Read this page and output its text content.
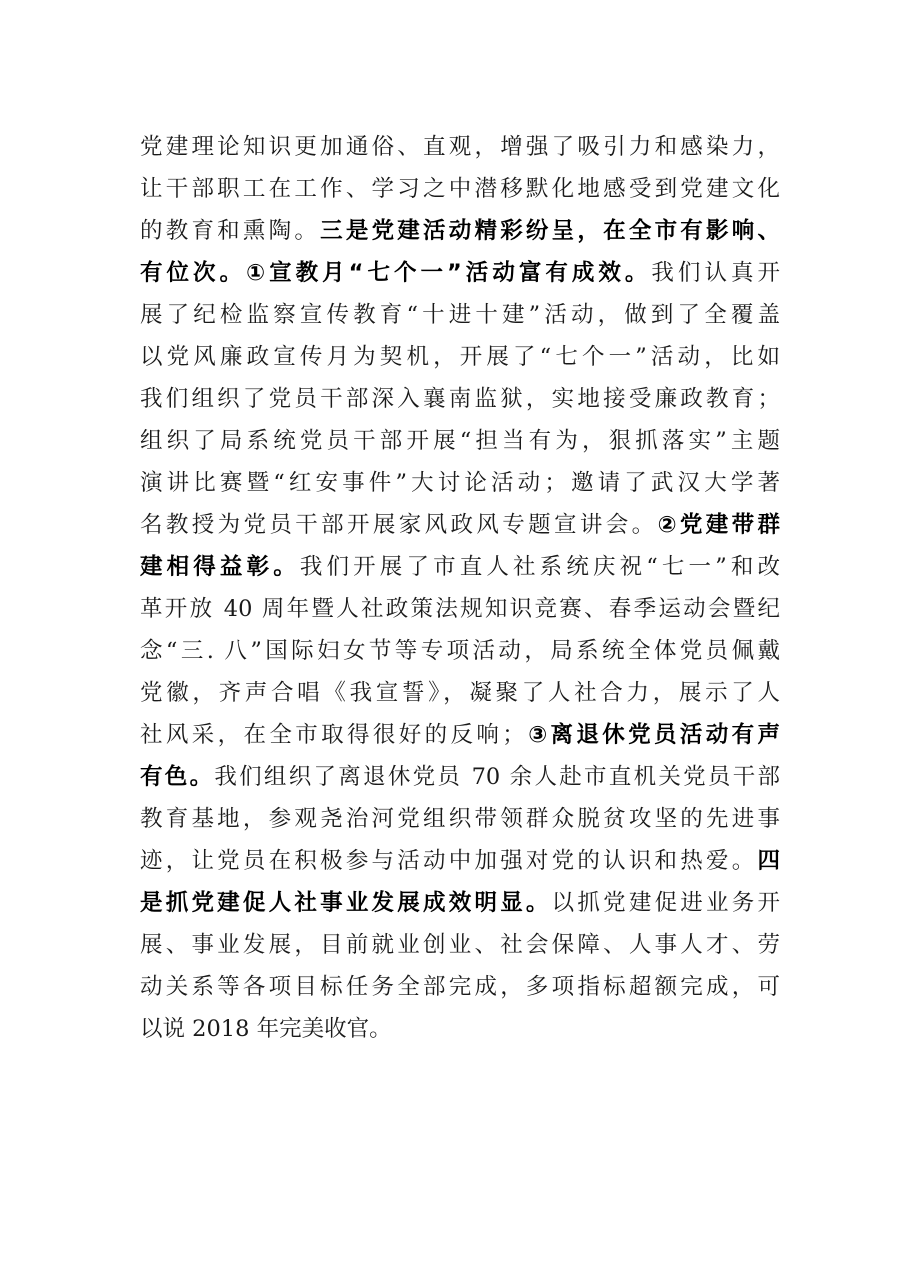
党建理论知识更加通俗、直观，增强了吸引力和感染力，
让干部职工在工作、学习之中潜移默化地感受到党建文化
的教育和熏陶。三是党建活动精彩纷呈，在全市有影响、
有位次。①宣教月“七个一”活动富有成效。我们认真开
展了纪检监察宣传教育“十进十建”活动，做到了全覆盖
以党风廉政宣传月为契机，开展了“七个一”活动，比如
我们组织了党员干部深入襄南监狱，实地接受廉政教育；
组织了局系统党员干部开展“担当有为，狠抓落实”主题
演讲比赛暨“红安事件”大讨论活动；邀请了武汉大学著
名教授为党员干部开展家风政风专题宣讲会。②党建带群
建相得益彰。我们开展了市直人社系统庆祝“七一”和改
革开放 40 周年暨人社政策法规知识竞赛、春季运动会暨纪
念“三. 八”国际妇女节等专项活动，局系统全体党员佩戴
党徽，齐声合唱《我宣誓》，凝聚了人社合力，展示了人
社风采，在全市取得很好的反响；③离退休党员活动有声
有色。我们组织了离退休党员 70 余人赴市直机关党员干部
教育基地，参观尧治河党组织带领群众脱贫攻坚的先进事
迹，让党员在积极参与活动中加强对党的认识和热爱。四
是抓党建促人社事业发展成效明显。以抓党建促进业务开
展、事业发展，目前就业创业、社会保障、人事人才、劳
动关系等各项目标任务全部完成，多项指标超额完成，可
以说 2018 年完美收官。
